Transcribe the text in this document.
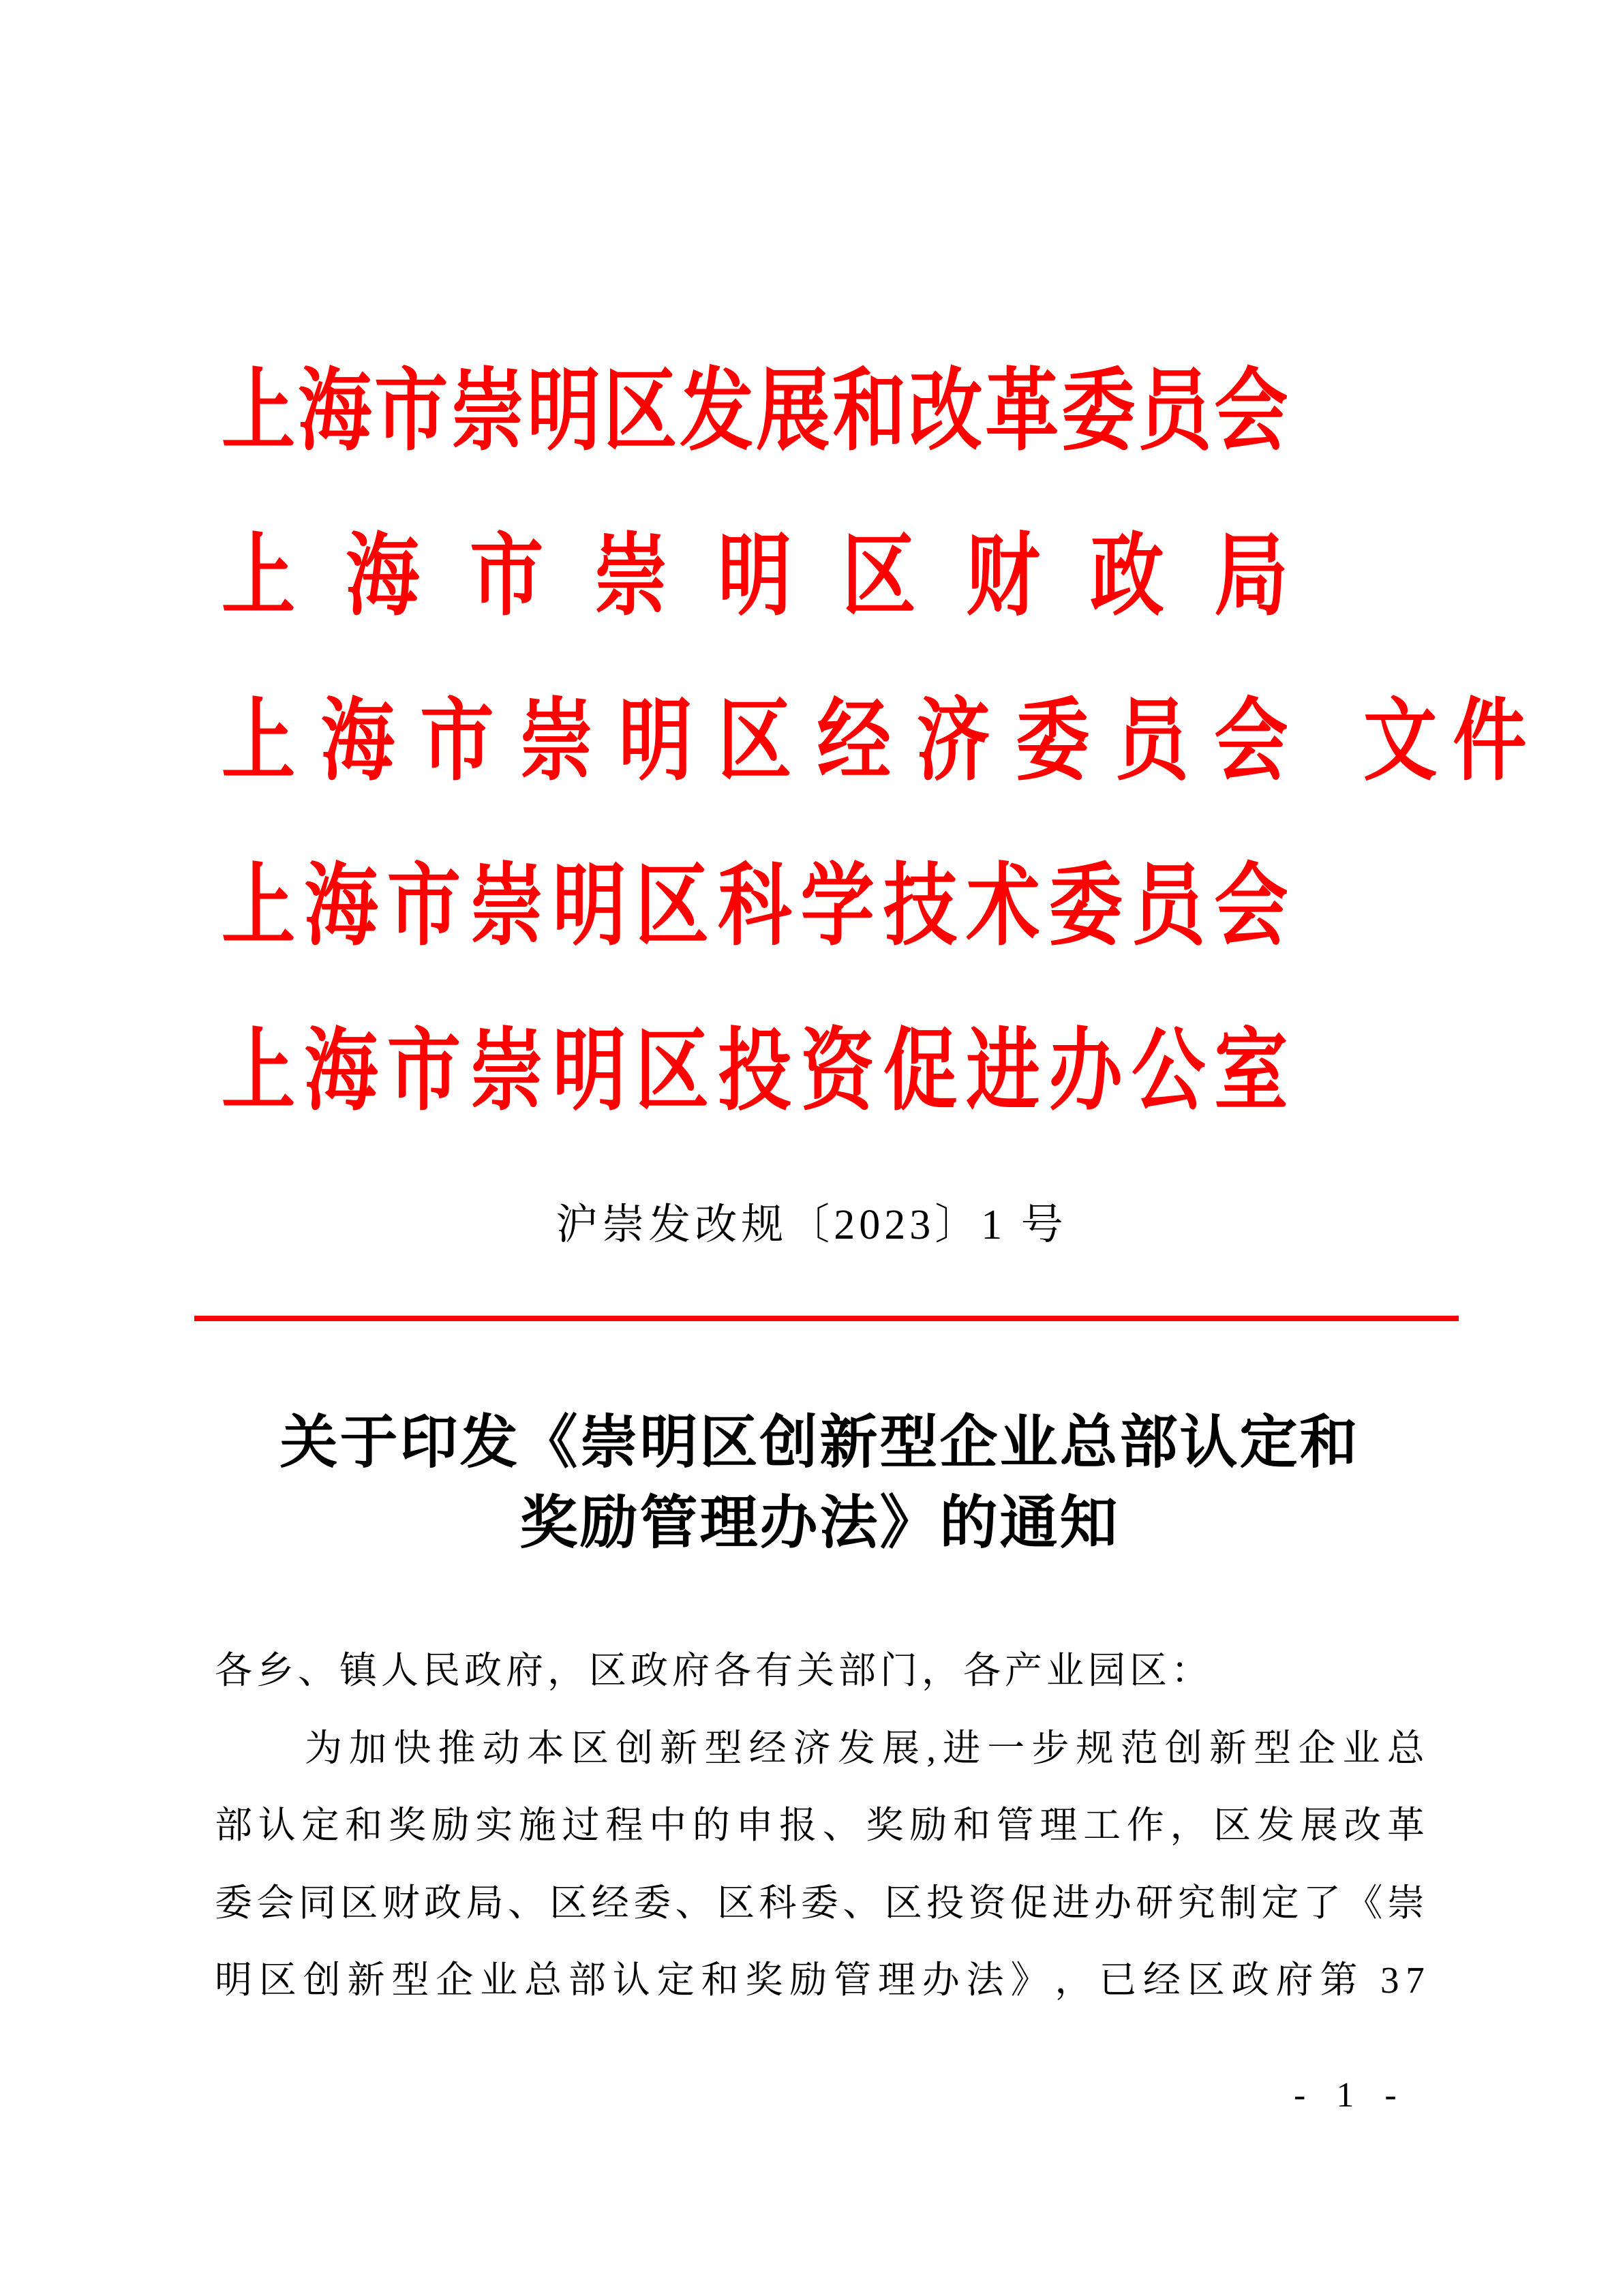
上 海 市 崇 明 区 发 展 和 改 革 委 员 会
上 海 市 崇 明 区 财 政 局
上 海 市 崇 明 区 经 济 委 员 会
上 海 市 崇 明 区 科 学 技 术 委 员 会
上 海 市 崇 明 区 投 资 促 进 办 公 室
文 件
沪崇发改规〔2023〕1 号
关于印发《崇明区创新型企业总部认定和
奖励管理办法》的通知
各乡、镇人民政府，区政府各有关部门，各产业园区：
为 加 快 推 动 本 区 创 新 型 经 济 发 展 , 进 一 步 规 范 创 新 型 企 业 总
部 认 定 和 奖 励 实 施 过 程 中 的 申 报 、 奖 励 和 管 理 工 作 ， 区 发 展 改 革
委 会 同 区 财 政 局 、 区 经 委 、 区 科 委 、 区 投 资 促 进 办 研 究 制 定 了 《 崇
明 区 创 新 型 企 业 总 部 认 定 和 奖 励 管 理 办 法 》 ， 已 经 区 政 府 第
3 7
- 1 -
